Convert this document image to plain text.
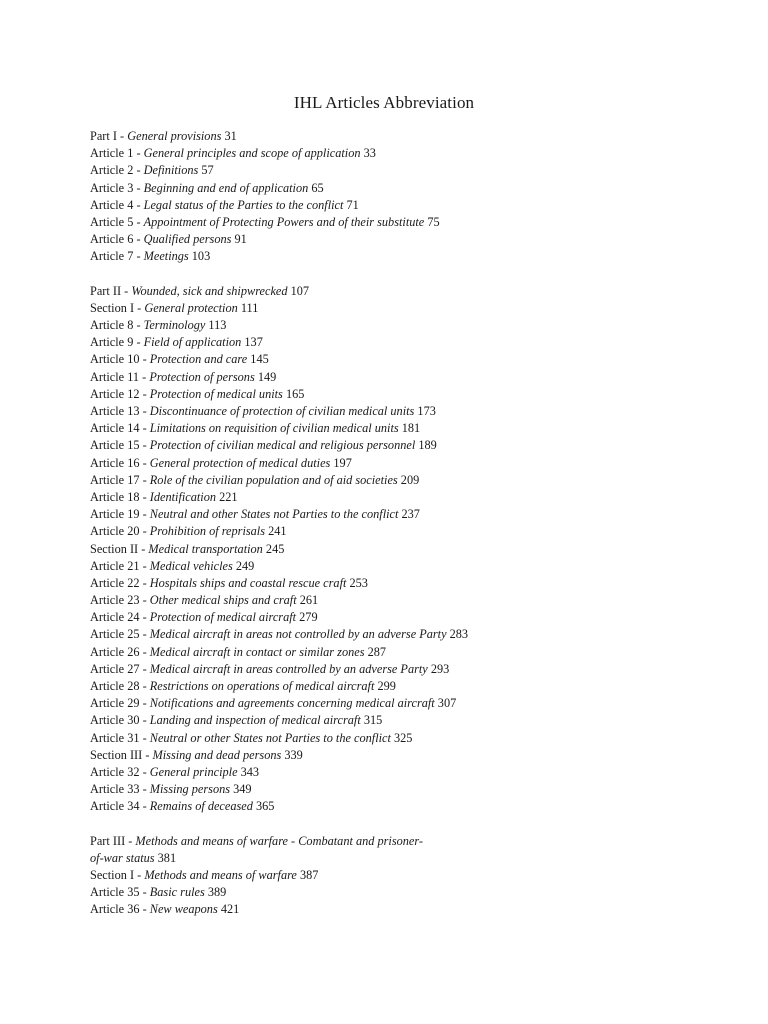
IHL Articles Abbreviation
Part I - General provisions 31
Article 1 - General principles and scope of application 33
Article 2 - Definitions 57
Article 3 - Beginning and end of application 65
Article 4 - Legal status of the Parties to the conflict 71
Article 5 - Appointment of Protecting Powers and of their substitute 75
Article 6 - Qualified persons 91
Article 7 - Meetings 103
Part II - Wounded, sick and shipwrecked 107
Section I - General protection 111
Article 8 - Terminology 113
Article 9 - Field of application 137
Article 10 - Protection and care 145
Article 11 - Protection of persons 149
Article 12 - Protection of medical units 165
Article 13 - Discontinuance of protection of civilian medical units 173
Article 14 - Limitations on requisition of civilian medical units 181
Article 15 - Protection of civilian medical and religious personnel 189
Article 16 - General protection of medical duties 197
Article 17 - Role of the civilian population and of aid societies 209
Article 18 - Identification 221
Article 19 - Neutral and other States not Parties to the conflict 237
Article 20 - Prohibition of reprisals 241
Section II - Medical transportation 245
Article 21 - Medical vehicles 249
Article 22 - Hospitals ships and coastal rescue craft 253
Article 23 - Other medical ships and craft 261
Article 24 - Protection of medical aircraft 279
Article 25 - Medical aircraft in areas not controlled by an adverse Party 283
Article 26 - Medical aircraft in contact or similar zones 287
Article 27 - Medical aircraft in areas controlled by an adverse Party 293
Article 28 - Restrictions on operations of medical aircraft 299
Article 29 - Notifications and agreements concerning medical aircraft 307
Article 30 - Landing and inspection of medical aircraft 315
Article 31 - Neutral or other States not Parties to the conflict 325
Section III - Missing and dead persons 339
Article 32 - General principle 343
Article 33 - Missing persons 349
Article 34 - Remains of deceased 365
Part III - Methods and means of warfare - Combatant and prisoner-
of-war status 381
Section I - Methods and means of warfare 387
Article 35 - Basic rules 389
Article 36 - New weapons 421
